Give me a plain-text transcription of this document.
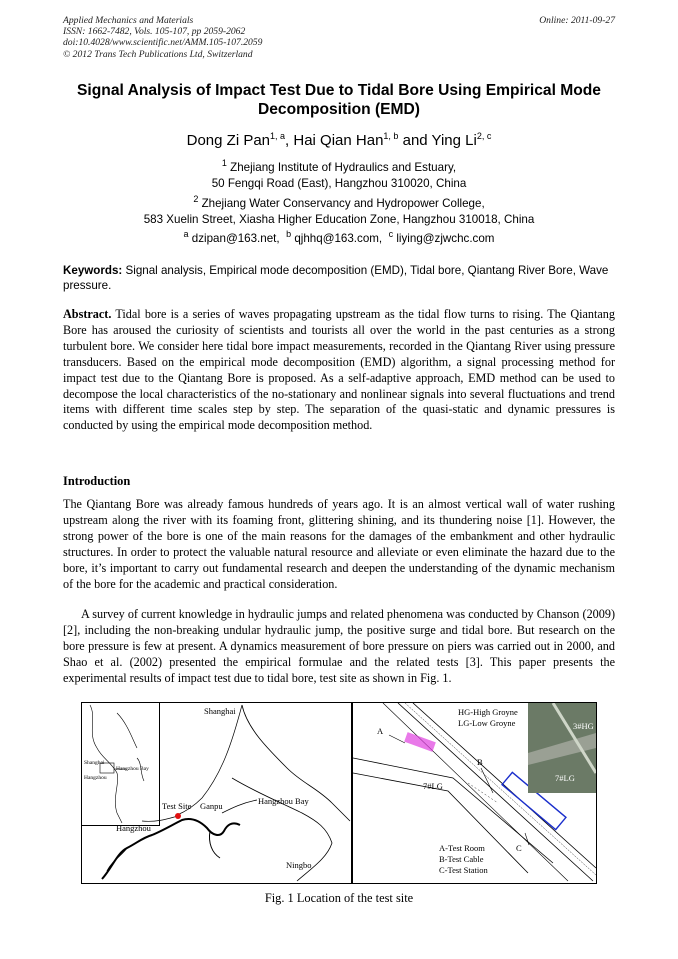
Applied Mechanics and Materials
ISSN: 1662-7482, Vols. 105-107, pp 2059-2062
doi:10.4028/www.scientific.net/AMM.105-107.2059
© 2012 Trans Tech Publications Ltd, Switzerland
Online: 2011-09-27
Signal Analysis of Impact Test Due to Tidal Bore Using Empirical Mode Decomposition (EMD)
Dong Zi Pan$^{1, a}$, Hai Qian Han$^{1, b}$ and Ying Li$^{2, c}$
$^1$ Zhejiang Institute of Hydraulics and Estuary,
50 Fengqi Road (East), Hangzhou 310020, China
$^2$ Zhejiang Water Conservancy and Hydropower College,
583 Xuelin Street, Xiasha Higher Education Zone, Hangzhou 310018, China
$^a$ dzipan@163.net, $^b$ qjhhq@163.com, $^c$ liying@zjwchc.com
Keywords: Signal analysis, Empirical mode decomposition (EMD), Tidal bore, Qiantang River Bore, Wave pressure.
Abstract. Tidal bore is a series of waves propagating upstream as the tidal flow turns to rising. The Qiantang Bore has aroused the curiosity of scientists and tourists all over the world in the past centuries as a strong turbulent bore. We consider here tidal bore impact measurements, recorded in the Qiantang River using pressure transducers. Based on the empirical mode decomposition (EMD) algorithm, a signal processing method for impact test due to the Qiantang Bore is proposed. As a self-adaptive approach, EMD method can be used to decompose the local characteristics of the no-stationary and nonlinear signals into several fluctuations and trend items with different time scales step by step. The separation of the quasi-static and dynamic pressures is conducted by using the empirical mode decomposition method.
Introduction
The Qiantang Bore was already famous hundreds of years ago. It is an almost vertical wall of water rushing upstream along the river with its foaming front, glittering shining, and its thundering noise [1]. However, the strong power of the bore is one of the main reasons for the damages of the embankment and other hydraulic structures. In order to protect the valuable natural resource and alleviate or even eliminate the hazard due to the bore, it’s important to carry out fundamental research and deepen the understanding of the dynamic mechanism of the bore for the academic and practical consideration.
A survey of current knowledge in hydraulic jumps and related phenomena was conducted by Chanson (2009) [2], including the non-breaking undular hydraulic jump, the positive surge and tidal bore. But research on the bore pressure is few at present. A dynamics measurement of bore pressure on piers was carried out in 2000, and Shao et al. (2002) presented the empirical formulae and the related tests [3]. This paper presents the experimental results of impact test due to tidal bore, test site as shown in Fig. 1.
Shanghai
Hangzhou Bay
Hangzhou
Shanghai
Hangzhou Bay
Test Site Ganpu
Hangzhou
Ningbo
HG-High Groyne
LG-Low Groyne
A
B
C
7#LG
3#HG
7#LG
A-Test Room
B-Test Cable
C-Test Station
Fig. 1 Location of the test site
